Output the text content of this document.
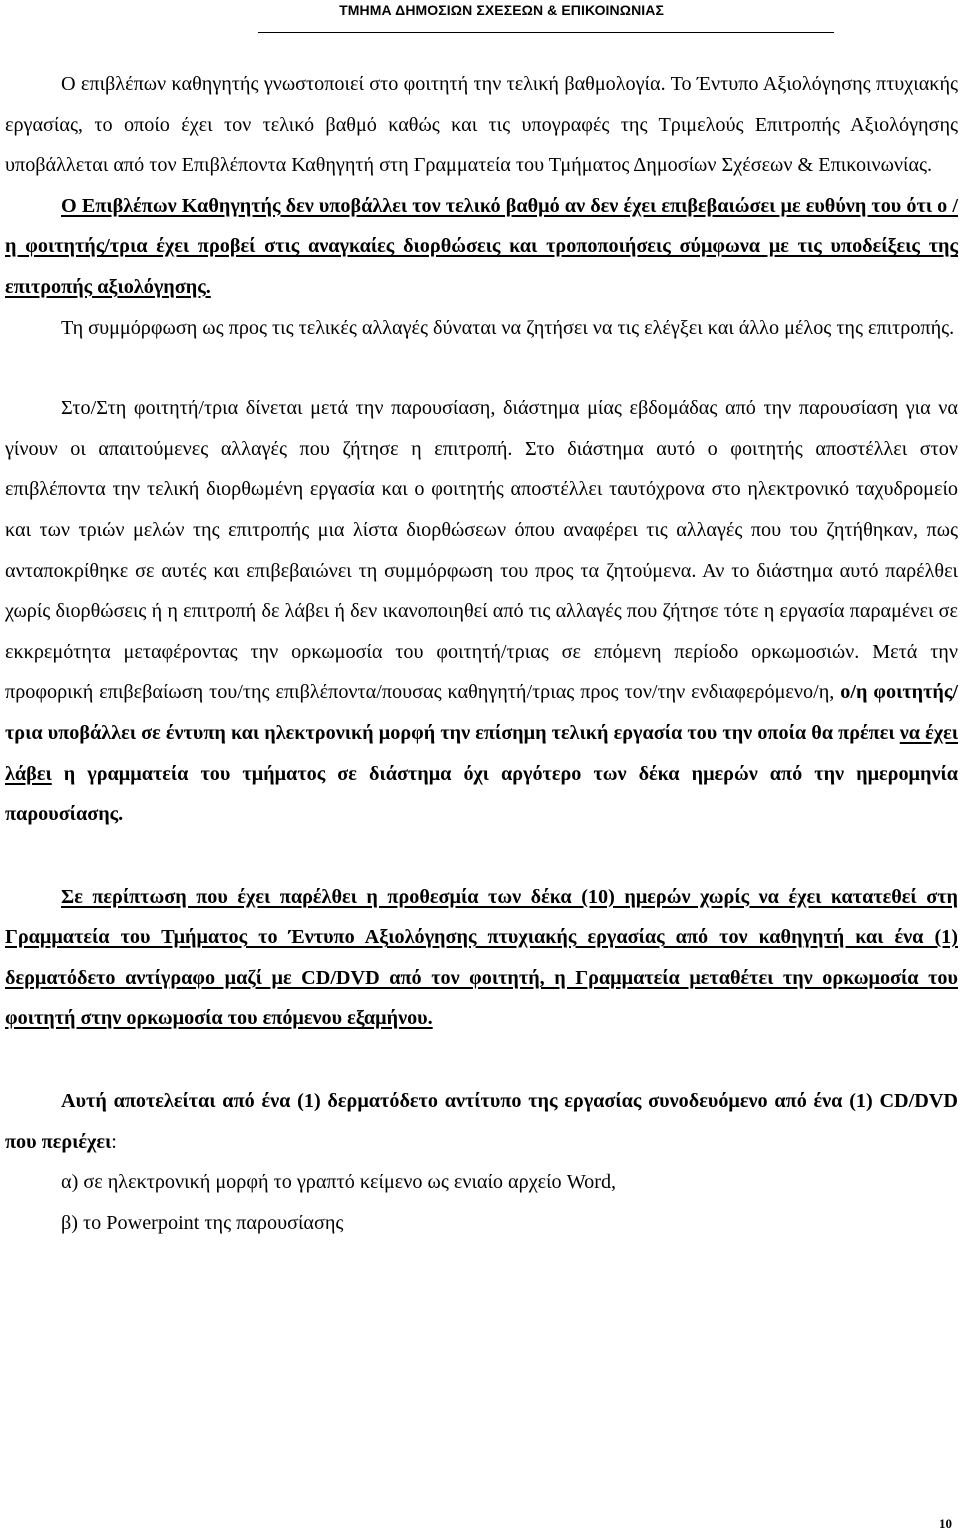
ΤΜΗΜΑ ΔΗΜΟΣΙΩΝ ΣΧΕΣΕΩΝ & ΕΠΙΚΟΙΝΩΝΙΑΣ

Ο επιβλέπων καθηγητής γνωστοποιεί στο φοιτητή την τελική βαθμολογία. Το Έντυπο Αξιολόγησης πτυχιακής εργασίας, το οποίο έχει τον τελικό βαθμό καθώς και τις υπογραφές της Τριμελούς Επιτροπής Αξιολόγησης υποβάλλεται από τον Επιβλέποντα Καθηγητή στη Γραμματεία του Τμήματος Δημοσίων Σχέσεων & Επικοινωνίας.

Ο Επιβλέπων Καθηγητής δεν υποβάλλει τον τελικό βαθμό αν δεν έχει επιβεβαιώσει με ευθύνη του ότι ο /η φοιτητής/τρια έχει προβεί στις αναγκαίες διορθώσεις και τροποποιήσεις σύμφωνα με τις υποδείξεις της επιτροπής αξιολόγησης.

Τη συμμόρφωση ως προς τις τελικές αλλαγές δύναται να ζητήσει να τις ελέγξει και άλλο μέλος της επιτροπής.

Στο/Στη φοιτητή/τρια δίνεται μετά την παρουσίαση, διάστημα μίας εβδομάδας από την παρουσίαση για να γίνουν οι απαιτούμενες αλλαγές που ζήτησε η επιτροπή. Στο διάστημα αυτό ο φοιτητής αποστέλλει στον επιβλέποντα την τελική διορθωμένη εργασία και ο φοιτητής αποστέλλει ταυτόχρονα στο ηλεκτρονικό ταχυδρομείο και των τριών μελών της επιτροπής μια λίστα διορθώσεων όπου αναφέρει τις αλλαγές που του ζητήθηκαν, πως ανταποκρίθηκε σε αυτές και επιβεβαιώνει τη συμμόρφωση του προς τα ζητούμενα. Αν το διάστημα αυτό παρέλθει χωρίς διορθώσεις ή η επιτροπή δε λάβει ή δεν ικανοποιηθεί από τις αλλαγές που ζήτησε τότε η εργασία παραμένει σε εκκρεμότητα μεταφέροντας την ορκωμοσία του φοιτητή/τριας σε επόμενη περίοδο ορκωμοσιών. Μετά την προφορική επιβεβαίωση του/της επιβλέποντα/πουσας καθηγητή/τριας προς τον/την ενδιαφερόμενο/η, ο/η φοιτητής/τρια υποβάλλει σε έντυπη και ηλεκτρονική μορφή την επίσημη τελική εργασία του την οποία θα πρέπει να έχει λάβει η γραμματεία του τμήματος σε διάστημα όχι αργότερο των δέκα ημερών από την ημερομηνία παρουσίασης.

Σε περίπτωση που έχει παρέλθει η προθεσμία των δέκα (10) ημερών χωρίς να έχει κατατεθεί στη Γραμματεία του Τμήματος το Έντυπο Αξιολόγησης πτυχιακής εργασίας από τον καθηγητή και ένα (1) δερματόδετο αντίγραφο μαζί με CD/DVD από τον φοιτητή, η Γραμματεία μεταθέτει την ορκωμοσία του φοιτητή στην ορκωμοσία του επόμενου εξαμήνου.

Αυτή αποτελείται από ένα (1) δερματόδετο αντίτυπο της εργασίας συνοδευόμενο από ένα (1) CD/DVD που περιέχει:

α) σε ηλεκτρονική μορφή το γραπτό κείμενο ως ενιαίο αρχείο Word,

β) το Powerpoint της παρουσίασης

10
